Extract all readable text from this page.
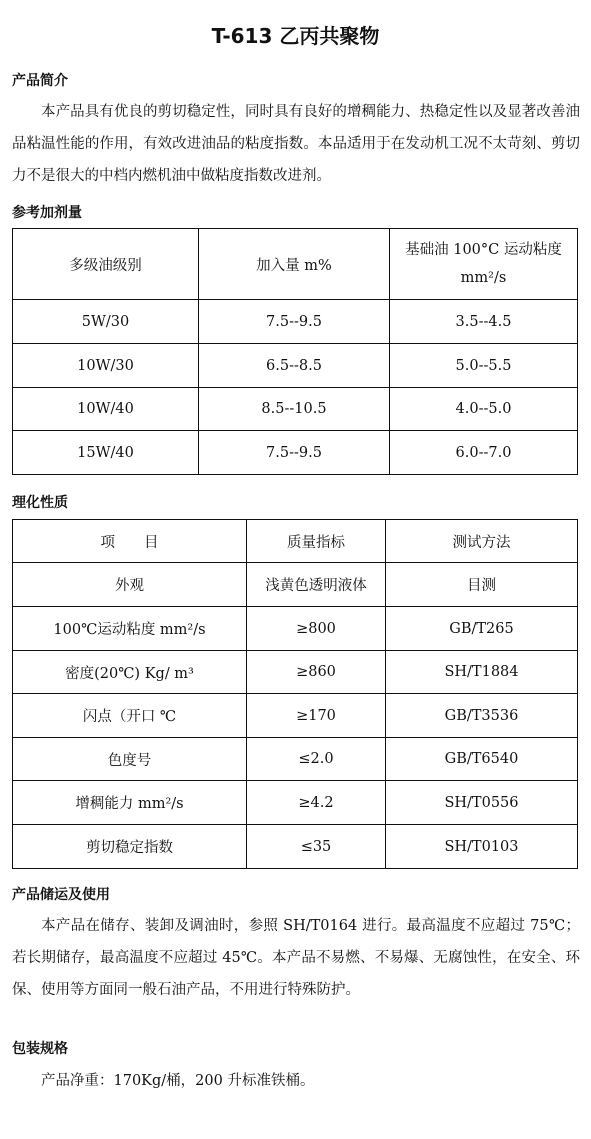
T-613 乙丙共聚物
产品简介
本产品具有优良的剪切稳定性，同时具有良好的增稠能力、热稳定性以及显著改善油品粘温性能的作用，有效改进油品的粘度指数。本品适用于在发动机工况不太苛刻、剪切力不是很大的中档内燃机油中做粘度指数改进剂。
参考加剂量
多级油级别	加入量 m%	基础油 100°C 运动粘度 mm²/s
5W/30	7.5--9.5	3.5--4.5
10W/30	6.5--8.5	5.0--5.5
10W/40	8.5--10.5	4.0--5.0
15W/40	7.5--9.5	6.0--7.0
理化性质
项　　目	质量指标	测试方法
外观	浅黄色透明液体	目测
100℃运动粘度 mm²/s	≥800	GB/T265
密度(20℃) Kg/ m³	≥860	SH/T1884
闪点（开口 ℃	≥170	GB/T3536
色度号	≤2.0	GB/T6540
增稠能力 mm²/s	≥4.2	SH/T0556
剪切稳定指数	≤35	SH/T0103
产品储运及使用
本产品在储存、装卸及调油时，参照 SH/T0164 进行。最高温度不应超过 75℃；若长期储存，最高温度不应超过 45℃。本产品不易燃、不易爆、无腐蚀性，在安全、环保、使用等方面同一般石油产品，不用进行特殊防护。
包装规格
产品净重：170Kg/桶，200 升标准铁桶。
